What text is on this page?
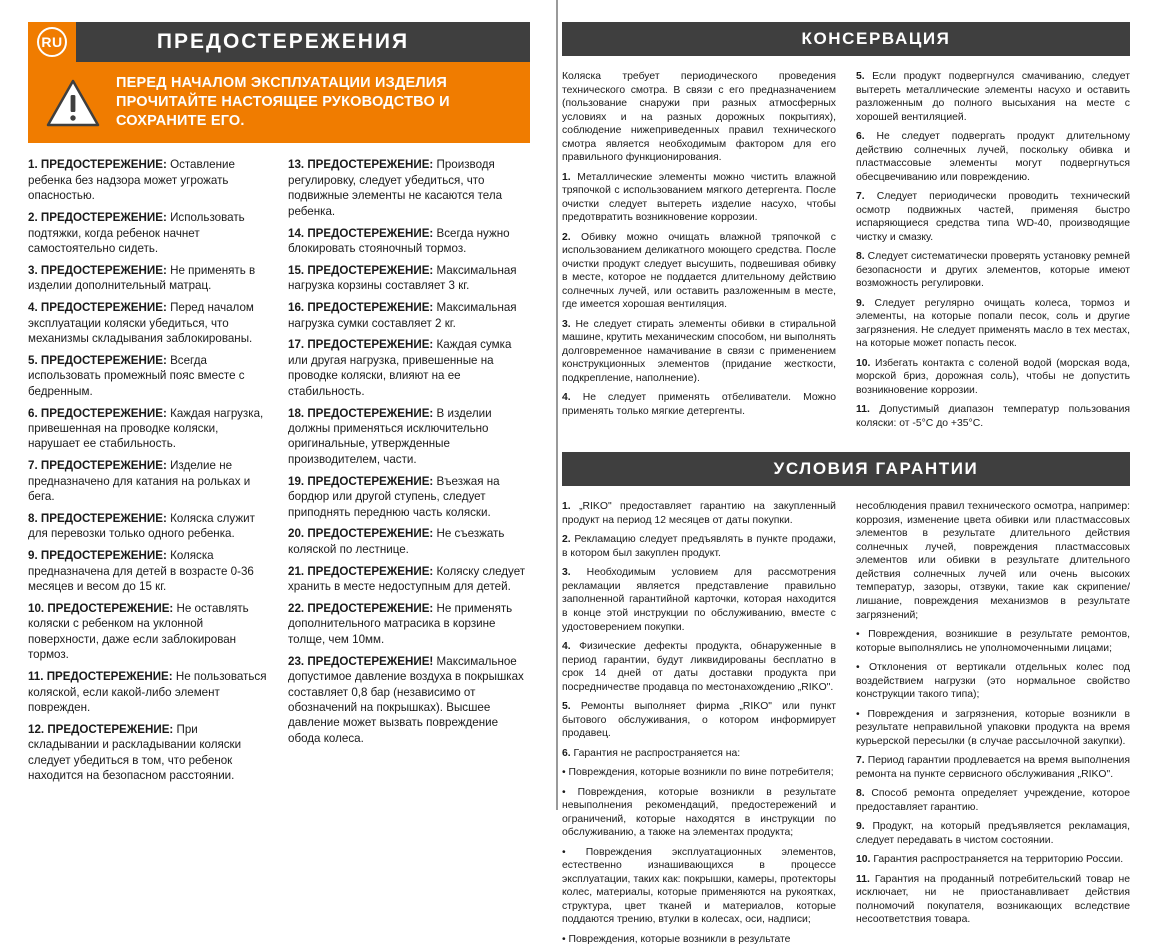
RU	ПРЕДОСТЕРЕЖЕНИЯ
ПЕРЕД НАЧАЛОМ ЭКСПЛУАТАЦИИ ИЗДЕЛИЯ ПРОЧИТАЙТЕ НАСТОЯЩЕЕ РУКОВОДСТВО И СОХРАНИТЕ ЕГО.
1. ПРЕДОСТЕРЕЖЕНИЕ: Оставление ребенка без надзора может угрожать опасностью.
2. ПРЕДОСТЕРЕЖЕНИЕ: Использовать подтяжки, когда ребенок начнет самостоятельно сидеть.
3. ПРЕДОСТЕРЕЖЕНИЕ: Не применять в изделии дополнительный матрац.
4. ПРЕДОСТЕРЕЖЕНИЕ: Перед началом эксплуатации коляски убедиться, что механизмы складывания заблокированы.
5. ПРЕДОСТЕРЕЖЕНИЕ: Всегда использовать промежный пояс вместе с бедренным.
6. ПРЕДОСТЕРЕЖЕНИЕ: Каждая нагрузка, привешенная на проводке коляски, нарушает ее стабильность.
7. ПРЕДОСТЕРЕЖЕНИЕ: Изделие не предназначено для катания на рольках и бега.
8. ПРЕДОСТЕРЕЖЕНИЕ: Коляска служит для перевозки только одного ребенка.
9. ПРЕДОСТЕРЕЖЕНИЕ: Коляска предназначена для детей в возрасте 0-36 месяцев и весом до 15 кг.
10. ПРЕДОСТЕРЕЖЕНИЕ: Не оставлять коляски с ребенком на уклонной поверхности, даже если заблокирован тормоз.
11. ПРЕДОСТЕРЕЖЕНИЕ: Не пользоваться коляской, если какой-либо элемент поврежден.
12. ПРЕДОСТЕРЕЖЕНИЕ: При складывании и раскладывании коляски следует убедиться в том, что ребенок находится на безопасном расстоянии.
13. ПРЕДОСТЕРЕЖЕНИЕ: Производя регулировку, следует убедиться, что подвижные элементы не касаются тела ребенка.
14. ПРЕДОСТЕРЕЖЕНИЕ: Всегда нужно блокировать стояночный тормоз.
15. ПРЕДОСТЕРЕЖЕНИЕ: Максимальная нагрузка корзины составляет 3 кг.
16. ПРЕДОСТЕРЕЖЕНИЕ: Максимальная нагрузка сумки составляет 2 кг.
17. ПРЕДОСТЕРЕЖЕНИЕ: Каждая сумка или другая нагрузка, привешенные на проводке коляски, влияют на ее стабильность.
18. ПРЕДОСТЕРЕЖЕНИЕ: В изделии должны применяться исключительно оригинальные, утвержденные производителем, части.
19. ПРЕДОСТЕРЕЖЕНИЕ: Въезжая на бордюр или другой ступень, следует приподнять переднюю часть коляски.
20. ПРЕДОСТЕРЕЖЕНИЕ: Не съезжать коляской по лестнице.
21. ПРЕДОСТЕРЕЖЕНИЕ: Коляску следует хранить в месте недоступным для детей.
22. ПРЕДОСТЕРЕЖЕНИЕ: Не применять дополнительного матрасика в корзине толще, чем 10мм.
23. ПРЕДОСТЕРЕЖЕНИЕ! Максимальное допустимое давление воздуха в покрышках составляет 0,8 бар (независимо от обозначений на покрышках). Высшее давление может вызвать повреждение обода колеса.
КОНСЕРВАЦИЯ
Коляска требует периодического проведения технического смотра. В связи с его предназначением (пользование снаружи при разных атмосферных условиях и на разных дорожных покрытиях), соблюдение нижеприведенных правил технического смотра является необходимым фактором для его правильного функционирования.
1. Металлические элементы можно чистить влажной тряпочкой с использованием мягкого детергента. После очистки следует вытереть изделие насухо, чтобы предотвратить возникновение коррозии.
2. Обивку можно очищать влажной тряпочкой с использованием деликатного моющего средства. После очистки продукт следует высушить, подвешивая обивку в месте, которое не поддается длительному действию солнечных лучей, или оставить разложенным в месте, где имеется хорошая вентиляция.
3. Не следует стирать элементы обивки в стиральной машине, крутить механическим способом, ни выполнять долговременное намачивание в связи с применением конструкционных элементов (придание жесткости, подкрепление, наполнение).
4. Не следует применять отбеливатели. Можно применять только мягкие детергенты.
5. Если продукт подвергнулся смачиванию, следует вытереть металлические элементы насухо и оставить разложенным до полного высыхания на месте с хорошей вентиляцией.
6. Не следует подвергать продукт длительному действию солнечных лучей, поскольку обивка и пластмассовые элементы могут подвергнуться обесцвечиванию или повреждению.
7. Следует периодически проводить технический осмотр подвижных частей, применяя быстро испаряющиеся средства типа WD-40, производящие чистку и смазку.
8. Следует систематически проверять установку ремней безопасности и других элементов, которые имеют возможность регулировки.
9. Следует регулярно очищать колеса, тормоз и элементы, на которые попали песок, соль и другие загрязнения. Не следует применять масло в тех местах, на которые может попасть песок.
10. Избегать контакта с соленой водой (морская вода, морской бриз, дорожная соль), чтобы не допустить возникновение коррозии.
11. Допустимый диапазон температур пользования коляски: от -5°C до +35°C.
УСЛОВИЯ ГАРАНТИИ
1. „RIKO" предоставляет гарантию на закупленный продукт на период 12 месяцев от даты покупки.
2. Рекламацию следует предъявлять в пункте продажи, в котором был закуплен продукт.
3. Необходимым условием для рассмотрения рекламации является представление правильно заполненной гарантийной карточки, которая находится в конце этой инструкции по обслуживанию, вместе с удостоверением покупки.
4. Физические дефекты продукта, обнаруженные в период гарантии, будут ликвидированы бесплатно в срок 14 дней от даты доставки продукта при посредничестве продавца по местонахождению „RIKO".
5. Ремонты выполняет фирма „RIKO" или пункт бытового обслуживания, о котором информирует продавец.
6. Гарантия не распространяется на:
• Повреждения, которые возникли по вине потребителя;
• Повреждения, которые возникли в результате невыполнения рекомендаций, предостережений и ограничений, которые находятся в инструкции по обслуживанию, а также на элементах продукта;
• Повреждения эксплуатационных элементов, естественно изнашивающихся в процессе эксплуатации, таких как: покрышки, камеры, протекторы колес, материалы, которые применяются на рукоятках, структура, цвет тканей и материалов, которые поддаются трению, втулки в колесах, оси, надписи;
• Повреждения, которые возникли в результате
несоблюдения правил технического осмотра, например: коррозия, изменение цвета обивки или пластмассовых элементов в результате длительного действия солнечных лучей, повреждения пластмассовых элементов или обивки в результате длительного действия солнечных лучей или очень высоких температур, зазоры, отзвуки, такие как скрипение/ лишание, повреждения механизмов в результате загрязнений;
• Повреждения, возникшие в результате ремонтов, которые выполнялись не уполномоченными лицами;
• Отклонения от вертикали отдельных колес под воздействием нагрузки (это нормальное свойство конструкции такого типа);
• Повреждения и загрязнения, которые возникли в результате неправильной упаковки продукта на время курьерской пересылки (в случае рассылочной закупки).
7. Период гарантии продлевается на время выполнения ремонта на пункте сервисного обслуживания „RIKO".
8. Способ ремонта определяет учреждение, которое предоставляет гарантию.
9. Продукт, на который предъявляется рекламация, следует передавать в чистом состоянии.
10. Гарантия распространяется на территорию России.
11. Гарантия на проданный потребительский товар не исключает, ни не приостанавливает действия полномочий покупателя, возникающих вследствие несоответствия товара.
